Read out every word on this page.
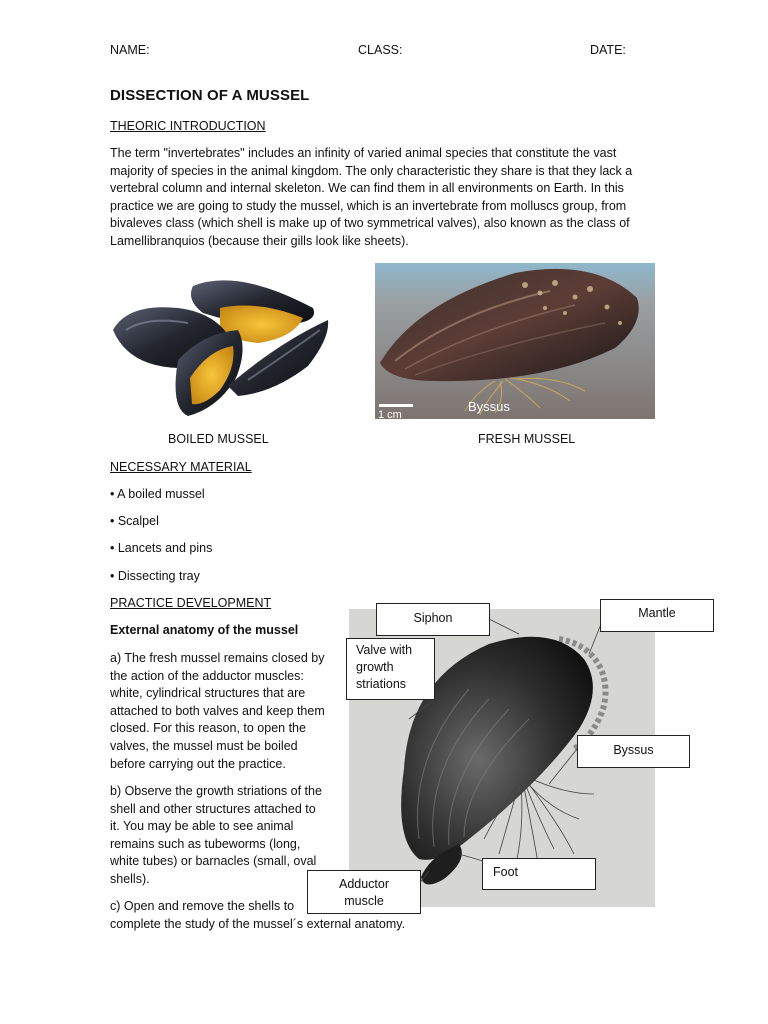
NAME:	CLASS:	DATE:
DISSECTION OF A MUSSEL
THEORIC INTRODUCTION
The term "invertebrates" includes an infinity of varied animal species that constitute the vast majority of species in the animal kingdom. The only characteristic they share is that they lack a vertebral column and internal skeleton. We can find them in all environments on Earth. In this practice we are going to study the mussel, which is an invertebrate from molluscs group, from bivaleves class (which shell is make up of two symmetrical valves), also known as the class of Lamellibranquios (because their gills look like sheets).
BOILED MUSSEL
1 cm
Byssus
FRESH MUSSEL
NECESSARY MATERIAL
• A boiled mussel
• Scalpel
• Lancets and pins
• Dissecting tray
PRACTICE DEVELOPMENT
External anatomy of the mussel
a) The fresh mussel remains closed by
the action of the adductor muscles:
white, cylindrical structures that are
attached to both valves and keep them
closed. For this reason, to open the
valves, the mussel must be boiled
before carrying out the practice.
b) Observe the growth striations of the
shell and other structures attached to
it. You may be able to see animal
remains such as tubeworms (long,
white tubes) or barnacles (small, oval
shells).
c) Open and remove the shells to
complete the study of the mussel´s external anatomy.
Siphon	Mantle
Valve with
growth
striations
Byssus
Foot
Adductor
muscle
